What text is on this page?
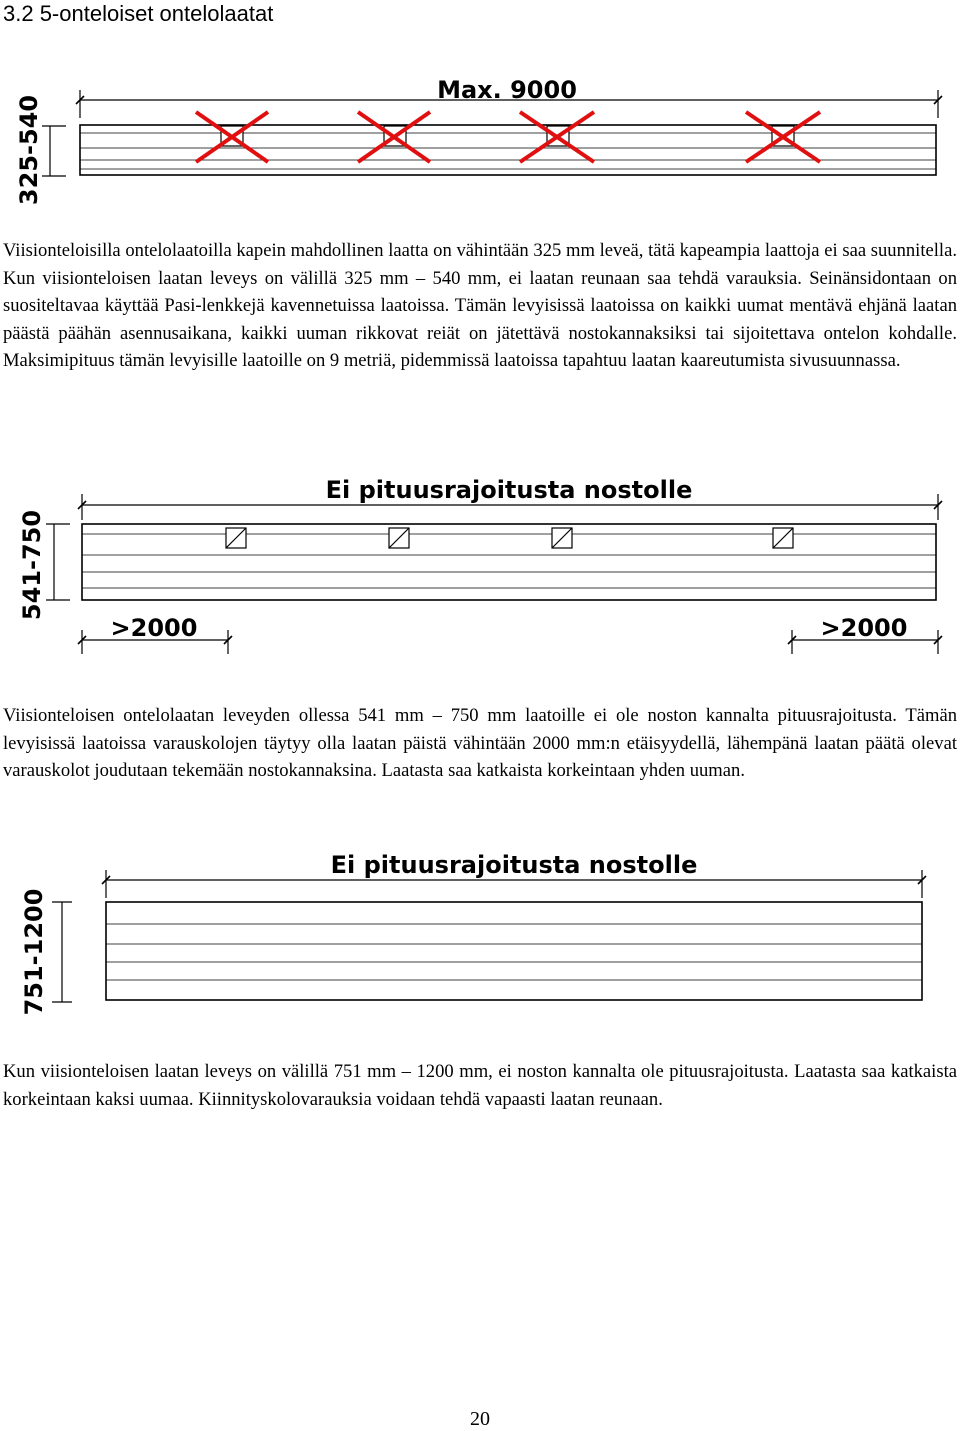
3.2 5-onteloiset ontelolaatat
Max. 9000
325-540

Viisionteloisilla ontelolaatoilla kapein mahdollinen laatta on vähintään 325 mm leveä, tätä kapeampia laattoja ei saa suunnitella. Kun viisionteloisen laatan leveys on välillä 325 mm – 540 mm, ei laatan reunaan saa tehdä varauksia. Seinänsidontaan on suositeltavaa käyttää Pasi-lenkkejä kavennetuissa laatoissa. Tämän levyisissä laatoissa on kaikki uumat mentävä ehjänä laatan päästä päähän asennusaikana, kaikki uuman rikkovat reiät on jätettävä nostokannaksiksi tai sijoitettava ontelon kohdalle. Maksimipituus tämän levyisille laatoille on 9 metriä, pidemmissä laatoissa tapahtuu laatan kaareutumista sivusuunnassa.

Ei pituusrajoitusta nostolle
541-750
>2000	>2000

Viisionteloisen ontelolaatan leveyden ollessa 541 mm – 750 mm laatoille ei ole noston kannalta pituusrajoitusta. Tämän levyisissä laatoissa varauskolojen täytyy olla laatan päistä vähintään 2000 mm:n etäisyydellä, lähempänä laatan päätä olevat varauskolot joudutaan tekemään nostokannaksina. Laatasta saa katkaista korkeintaan yhden uuman.

Ei pituusrajoitusta nostolle
751-1200

Kun viisionteloisen laatan leveys on välillä 751 mm – 1200 mm, ei noston kannalta ole pituusrajoitusta. Laatasta saa katkaista korkeintaan kaksi uumaa. Kiinnityskolovarauksia voidaan tehdä vapaasti laatan reunaan.

20
